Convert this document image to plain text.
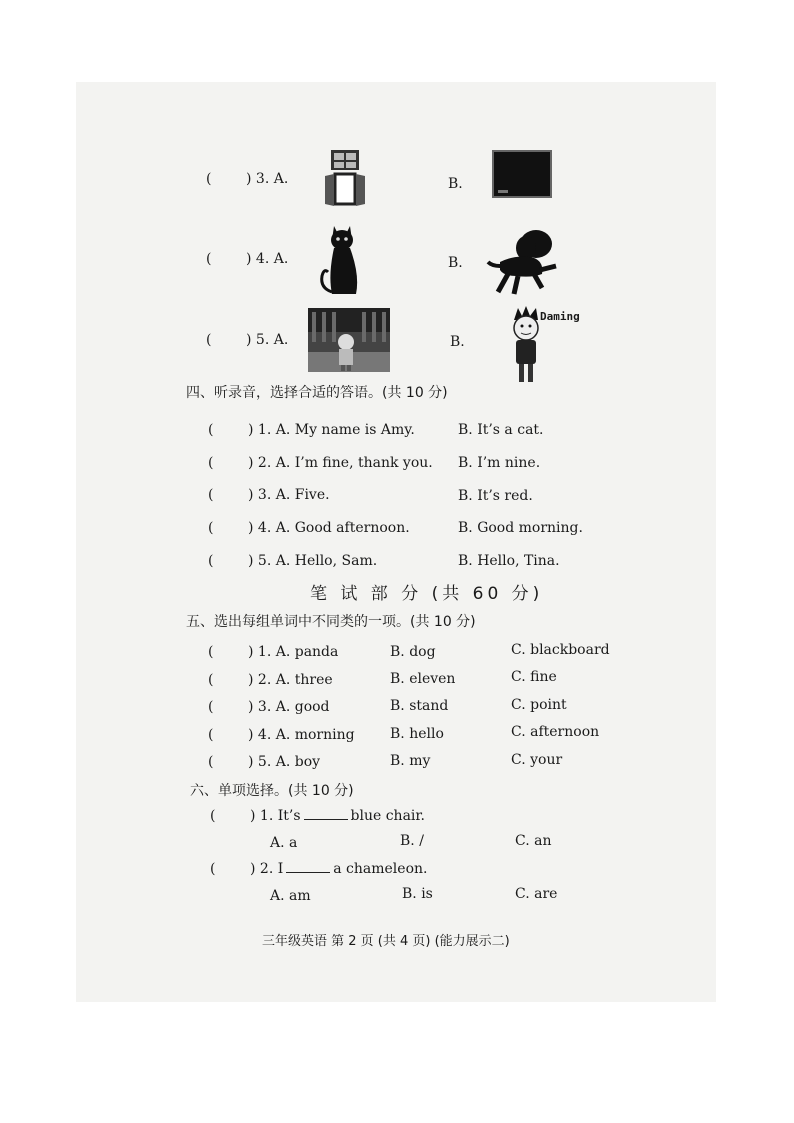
( ) 3. A.	B.
( ) 4. A.	B.
( ) 5. A.	B.
Daming
四、听录音，选择合适的答语。(共 10 分)
( ) 1. A. My name is Amy.	B. It’s a cat.
( ) 2. A. I’m fine, thank you. B. I’m nine.
( ) 3. A. Five.	B. It’s red.
( ) 4. A. Good afternoon.	B. Good morning.
( ) 5. A. Hello, Sam.	B. Hello, Tina.
笔 试 部 分 (共 60 分)
五、选出每组单词中不同类的一项。(共 10 分)
( ) 1. A. panda	B. dog	C. blackboard
( ) 2. A. three	B. eleven	C. fine
( ) 3. A. good	B. stand	C. point
( ) 4. A. morning	B. hello	C. afternoon
( ) 5. A. boy	B. my	C. your
六、单项选择。(共 10 分)
( ) 1. It’s	blue chair.
A. a	B. /	C. an
( ) 2. I	a chameleon.
A. am	B. is	C. are
三年级英语 第 2 页 (共 4 页) (能力展示二)
